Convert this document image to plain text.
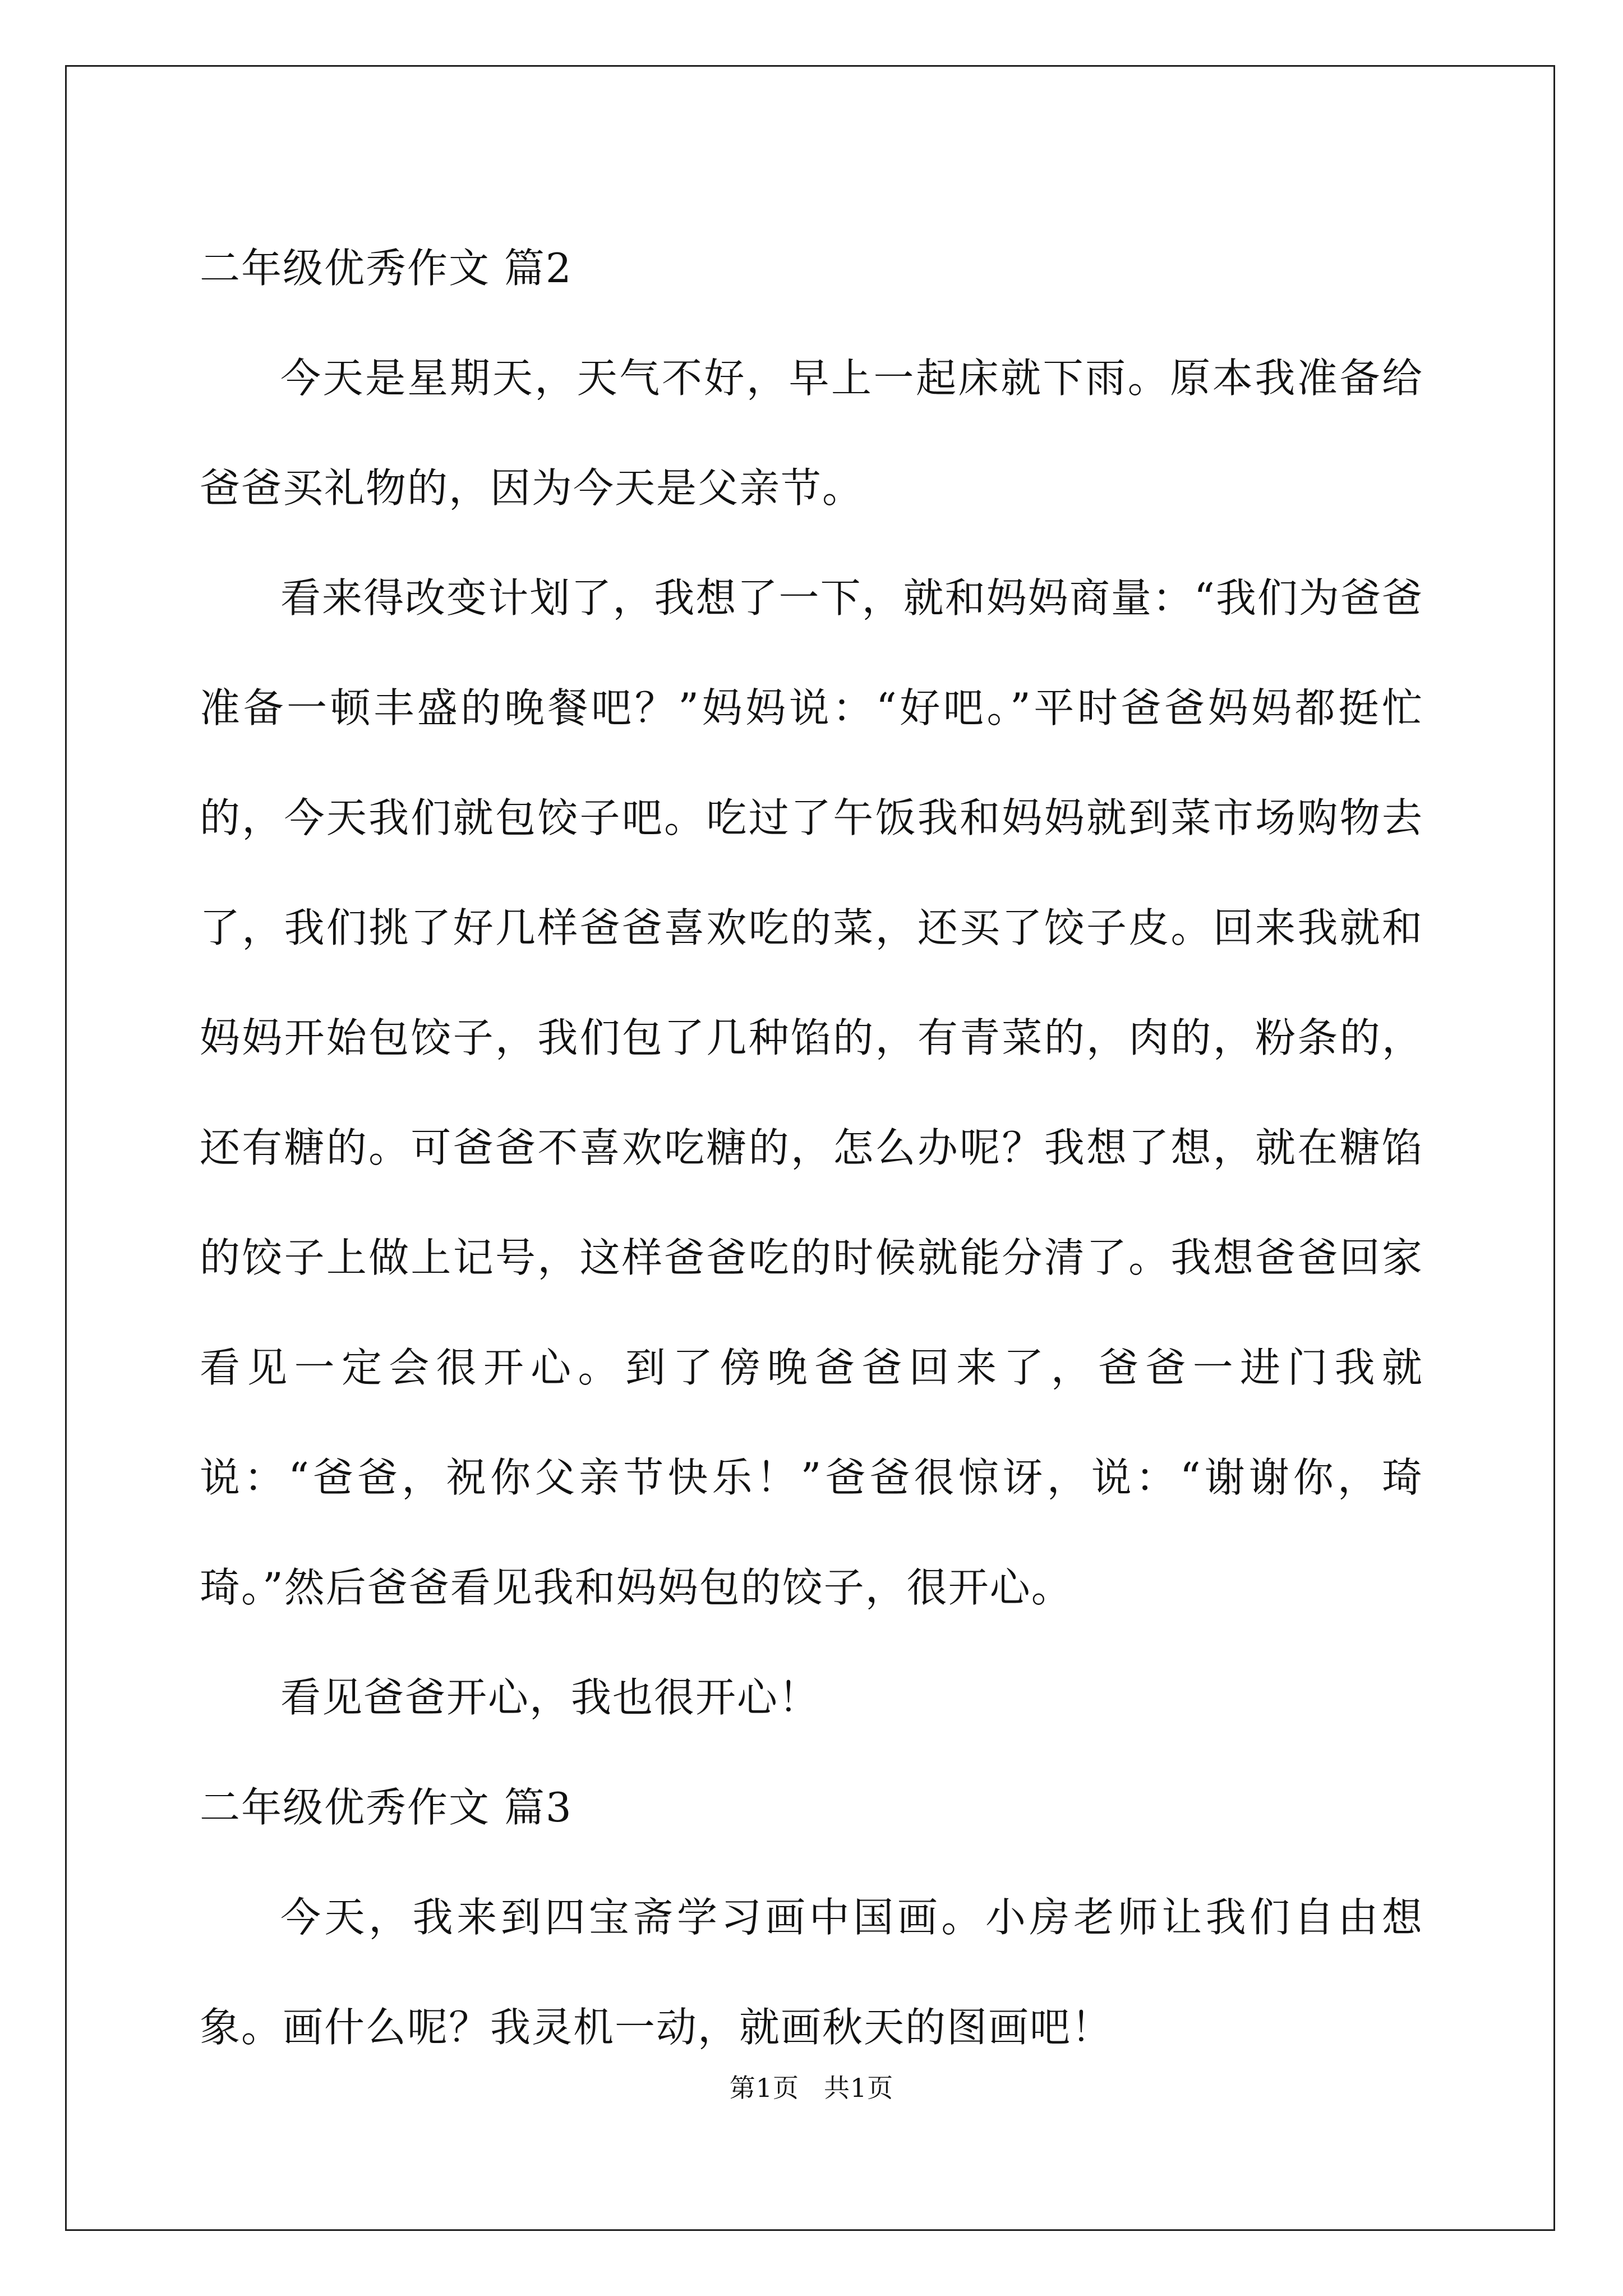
二年级优秀作文 篇2

今天是星期天，天气不好，早上一起床就下雨。原本我准备给爸爸买礼物的，因为今天是父亲节。

看来得改变计划了，我想了一下，就和妈妈商量：“我们为爸爸准备一顿丰盛的晚餐吧？”妈妈说：“好吧。”平时爸爸妈妈都挺忙的，今天我们就包饺子吧。吃过了午饭我和妈妈就到菜市场购物去了，我们挑了好几样爸爸喜欢吃的菜，还买了饺子皮。回来我就和妈妈开始包饺子，我们包了几种馅的，有青菜的，肉的，粉条的，还有糖的。可爸爸不喜欢吃糖的，怎么办呢？我想了想，就在糖馅的饺子上做上记号，这样爸爸吃的时候就能分清了。我想爸爸回家看见一定会很开心。到了傍晚爸爸回来了，爸爸一进门我就说：“爸爸，祝你父亲节快乐！”爸爸很惊讶，说：“谢谢你，琦琦。”然后爸爸看见我和妈妈包的饺子，很开心。

看见爸爸开心，我也很开心！

二年级优秀作文 篇3

今天，我来到四宝斋学习画中国画。小房老师让我们自由想象。画什么呢？我灵机一动，就画秋天的图画吧！

第1页 共1页
